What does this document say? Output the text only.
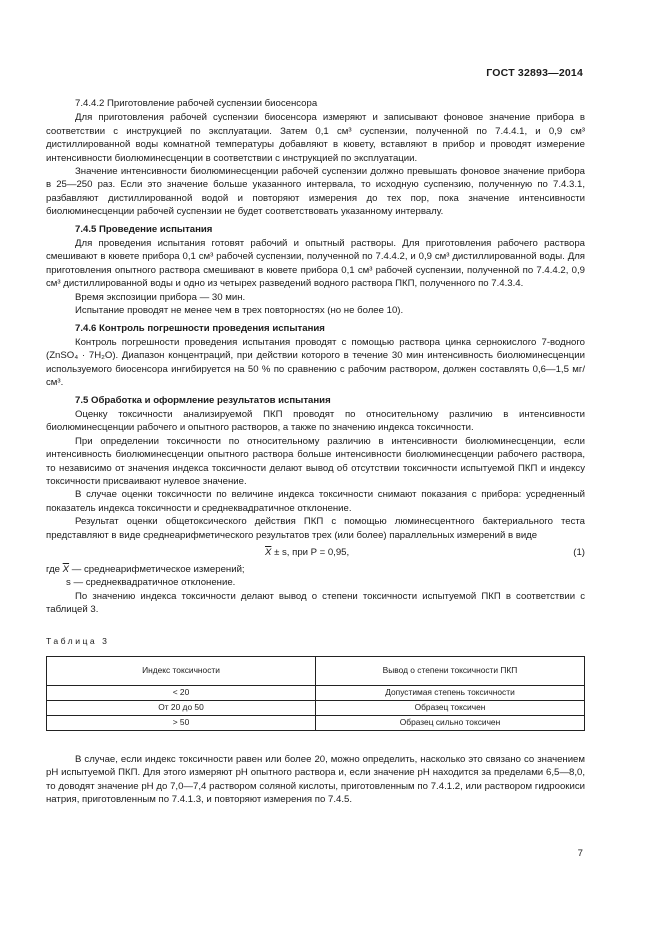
ГОСТ 32893—2014
7.4.4.2 Приготовление рабочей суспензии биосенсора

Для приготовления рабочей суспензии биосенсора измеряют и записывают фоновое значение прибора в соответствии с инструкцией по эксплуатации. Затем 0,1 см³ суспензии, полученной по 7.4.4.1, и 0,9 см³ дистиллированной воды комнатной температуры добавляют в кювету, вставляют в прибор и проводят измерение интенсивности биолюминесценции в соответствии с инструкцией по эксплуатации.

Значение интенсивности биолюминесценции рабочей суспензии должно превышать фоновое значение прибора в 25—250 раз. Если это значение больше указанного интервала, то исходную суспензию, полученную по 7.4.3.1, разбавляют дистиллированной водой и повторяют измерения до тех пор, пока значение интенсивности биолюминесценции рабочей суспензии не будет соответствовать указанному интервалу.

7.4.5 Проведение испытания

Для проведения испытания готовят рабочий и опытный растворы. Для приготовления рабочего раствора смешивают в кювете прибора 0,1 см³ рабочей суспензии, полученной по 7.4.4.2, и 0,9 см³ дистиллированной воды. Для приготовления опытного раствора смешивают в кювете прибора 0,1 см³ рабочей суспензии, полученной по 7.4.4.2, 0,9 см³ дистиллированной воды и одно из четырех разведений водного раствора ПКП, полученного по 7.4.3.4.

Время экспозиции прибора — 30 мин.

Испытание проводят не менее чем в трех повторностях (но не более 10).

7.4.6 Контроль погрешности проведения испытания

Контроль погрешности проведения испытания проводят с помощью раствора цинка сернокислого 7-водного (ZnSO₄ · 7H₂O). Диапазон концентраций, при действии которого в течение 30 мин интенсивность биолюминесценции используемого биосенсора ингибируется на 50 % по сравнению с рабочим раствором, должен составлять 0,6—1,5 мг/см³.

7.5 Обработка и оформление результатов испытания

Оценку токсичности анализируемой ПКП проводят по относительному различию в интенсивности биолюминесценции рабочего и опытного растворов, а также по значению индекса токсичности.

При определении токсичности по относительному различию в интенсивности биолюминесценции, если интенсивность биолюминесценции опытного раствора больше интенсивности биолюминесценции рабочего раствора, то независимо от значения индекса токсичности делают вывод об отсутствии токсичности испытуемой ПКП и индексу токсичности присваивают нулевое значение.

В случае оценки токсичности по величине индекса токсичности снимают показания с прибора: усредненный показатель индекса токсичности и среднеквадратичное отклонение.

Результат оценки общетоксического действия ПКП с помощью люминесцентного бактериального теста представляют в виде среднеарифметического результатов трех (или более) параллельных измерений в виде

$\overline{X} \pm s$, при P = 0,95,	(1)
где $\overline{X}$ — среднеарифметическое измерений;
s — среднеквадратичное отклонение.

По значению индекса токсичности делают вывод о степени токсичности испытуемой ПКП в соответствии с таблицей 3.

Таблица 3
Индекс токсичности	Вывод о степени токсичности ПКП
< 20	Допустимая степень токсичности
От 20 до 50	Образец токсичен
> 50	Образец сильно токсичен

В случае, если индекс токсичности равен или более 20, можно определить, насколько это связано со значением pH испытуемой ПКП. Для этого измеряют pH опытного раствора и, если значение pH находится за пределами 6,5—8,0, то доводят значение pH до 7,0—7,4 раствором соляной кислоты, приготовленным по 7.4.1.2, или раствором гидроокиси натрия, приготовленным по 7.4.1.3, и повторяют измерения по 7.4.5.

7
